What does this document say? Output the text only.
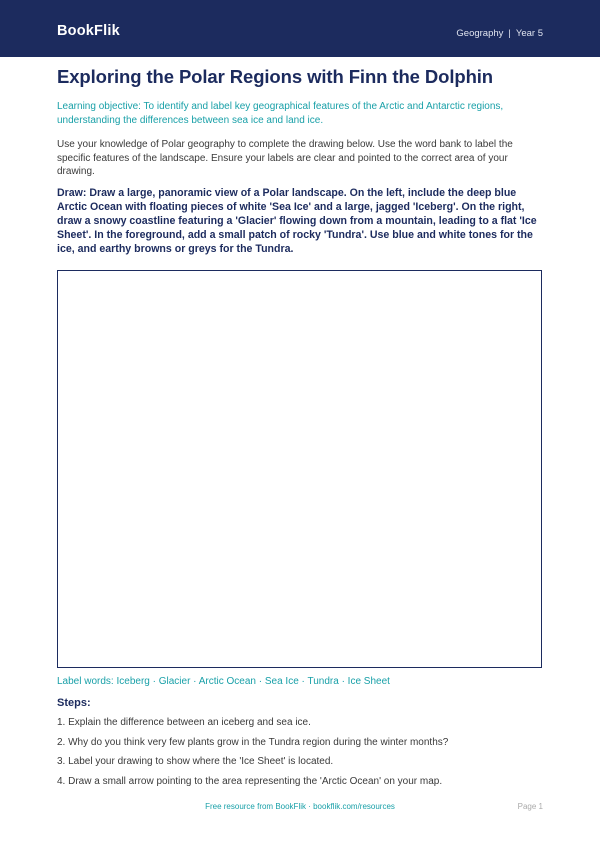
BookFlik	Geography | Year 5
Exploring the Polar Regions with Finn the Dolphin
Learning objective: To identify and label key geographical features of the Arctic and Antarctic regions, understanding the differences between sea ice and land ice.
Use your knowledge of Polar geography to complete the drawing below. Use the word bank to label the specific features of the landscape. Ensure your labels are clear and pointed to the correct area of your drawing.
Draw: Draw a large, panoramic view of a Polar landscape. On the left, include the deep blue Arctic Ocean with floating pieces of white 'Sea Ice' and a large, jagged 'Iceberg'. On the right, draw a snowy coastline featuring a 'Glacier' flowing down from a mountain, leading to a flat 'Ice Sheet'. In the foreground, add a small patch of rocky 'Tundra'. Use blue and white tones for the ice, and earthy browns or greys for the Tundra.
Label words: Iceberg · Glacier · Arctic Ocean · Sea Ice · Tundra · Ice Sheet
Steps:
1. Explain the difference between an iceberg and sea ice.
2. Why do you think very few plants grow in the Tundra region during the winter months?
3. Label your drawing to show where the 'Ice Sheet' is located.
4. Draw a small arrow pointing to the area representing the 'Arctic Ocean' on your map.
Free resource from BookFlik · bookflik.com/resources	Page 1
